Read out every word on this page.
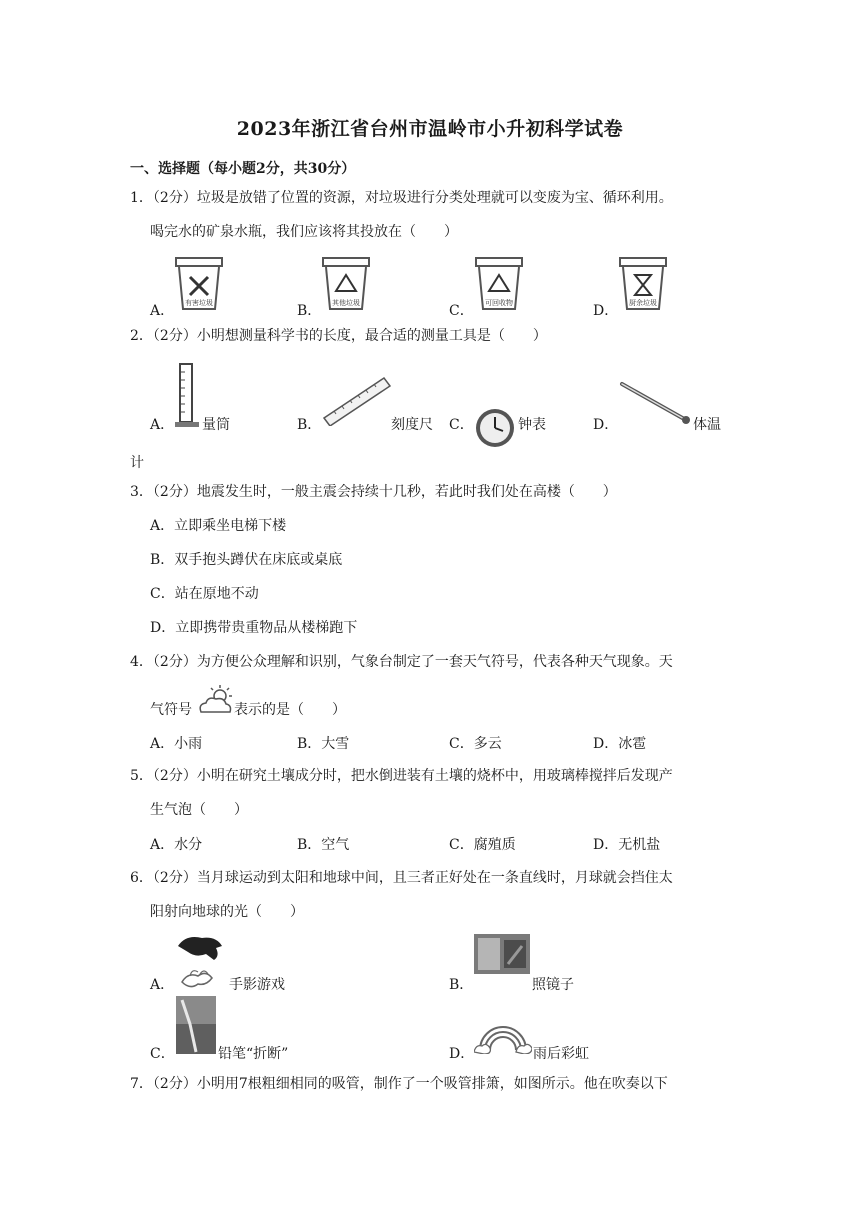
2023年浙江省台州市温岭市小升初科学试卷
一、选择题（每小题2分，共30分）
1．（2分）垃圾是放错了位置的资源，对垃圾进行分类处理就可以变废为宝、循环利用。
喝完水的矿泉水瓶，我们应该将其投放在（　　）
有害垃圾	其他垃圾	可回收物	厨余垃圾
A．	B．	C．	D．
2．（2分）小明想测量科学书的长度，最合适的测量工具是（　　）
A． 量筒	B．	刻度尺 C．	钟表	D．	体温
计
3．（2分）地震发生时，一般主震会持续十几秒，若此时我们处在高楼（　　）
A．立即乘坐电梯下楼
B．双手抱头蹲伏在床底或桌底
C．站在原地不动
D．立即携带贵重物品从楼梯跑下
4．（2分）为方便公众理解和识别，气象台制定了一套天气符号，代表各种天气现象。天
气符号	表示的是（　　）
A．小雨	B．大雪	C．多云	D．冰雹
5．（2分）小明在研究土壤成分时，把水倒进装有土壤的烧杯中，用玻璃棒搅拌后发现产
生气泡（　　）
A．水分	B．空气	C．腐殖质	D．无机盐
6．（2分）当月球运动到太阳和地球中间，且三者正好处在一条直线时，月球就会挡住太
阳射向地球的光（　　）
A．	手影游戏	B．	照镜子
C．	铅笔“折断”	D．	雨后彩虹
7．（2分）小明用7根粗细相同的吸管，制作了一个吸管排箫，如图所示。他在吹奏以下
